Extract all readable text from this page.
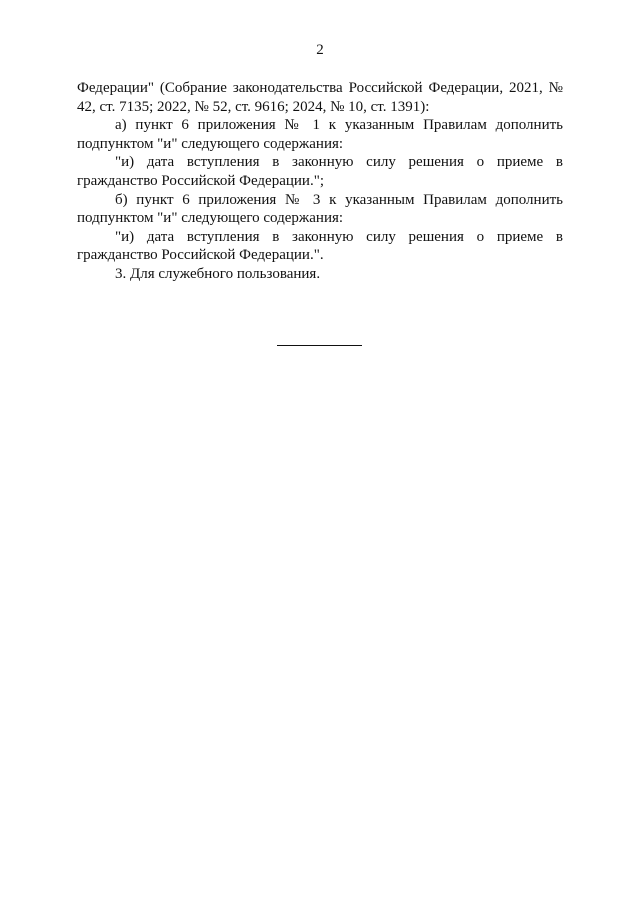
2

Федерации" (Собрание законодательства Российской Федерации, 2021, № 42, ст. 7135; 2022, № 52, ст. 9616; 2024, № 10, ст. 1391):

а) пункт 6 приложения № 1 к указанным Правилам дополнить подпунктом "и" следующего содержания:

"и) дата вступления в законную силу решения о приеме в гражданство Российской Федерации.";

б) пункт 6 приложения № 3 к указанным Правилам дополнить подпунктом "и" следующего содержания:

"и) дата вступления в законную силу решения о приеме в гражданство Российской Федерации.".

3. Для служебного пользования.
